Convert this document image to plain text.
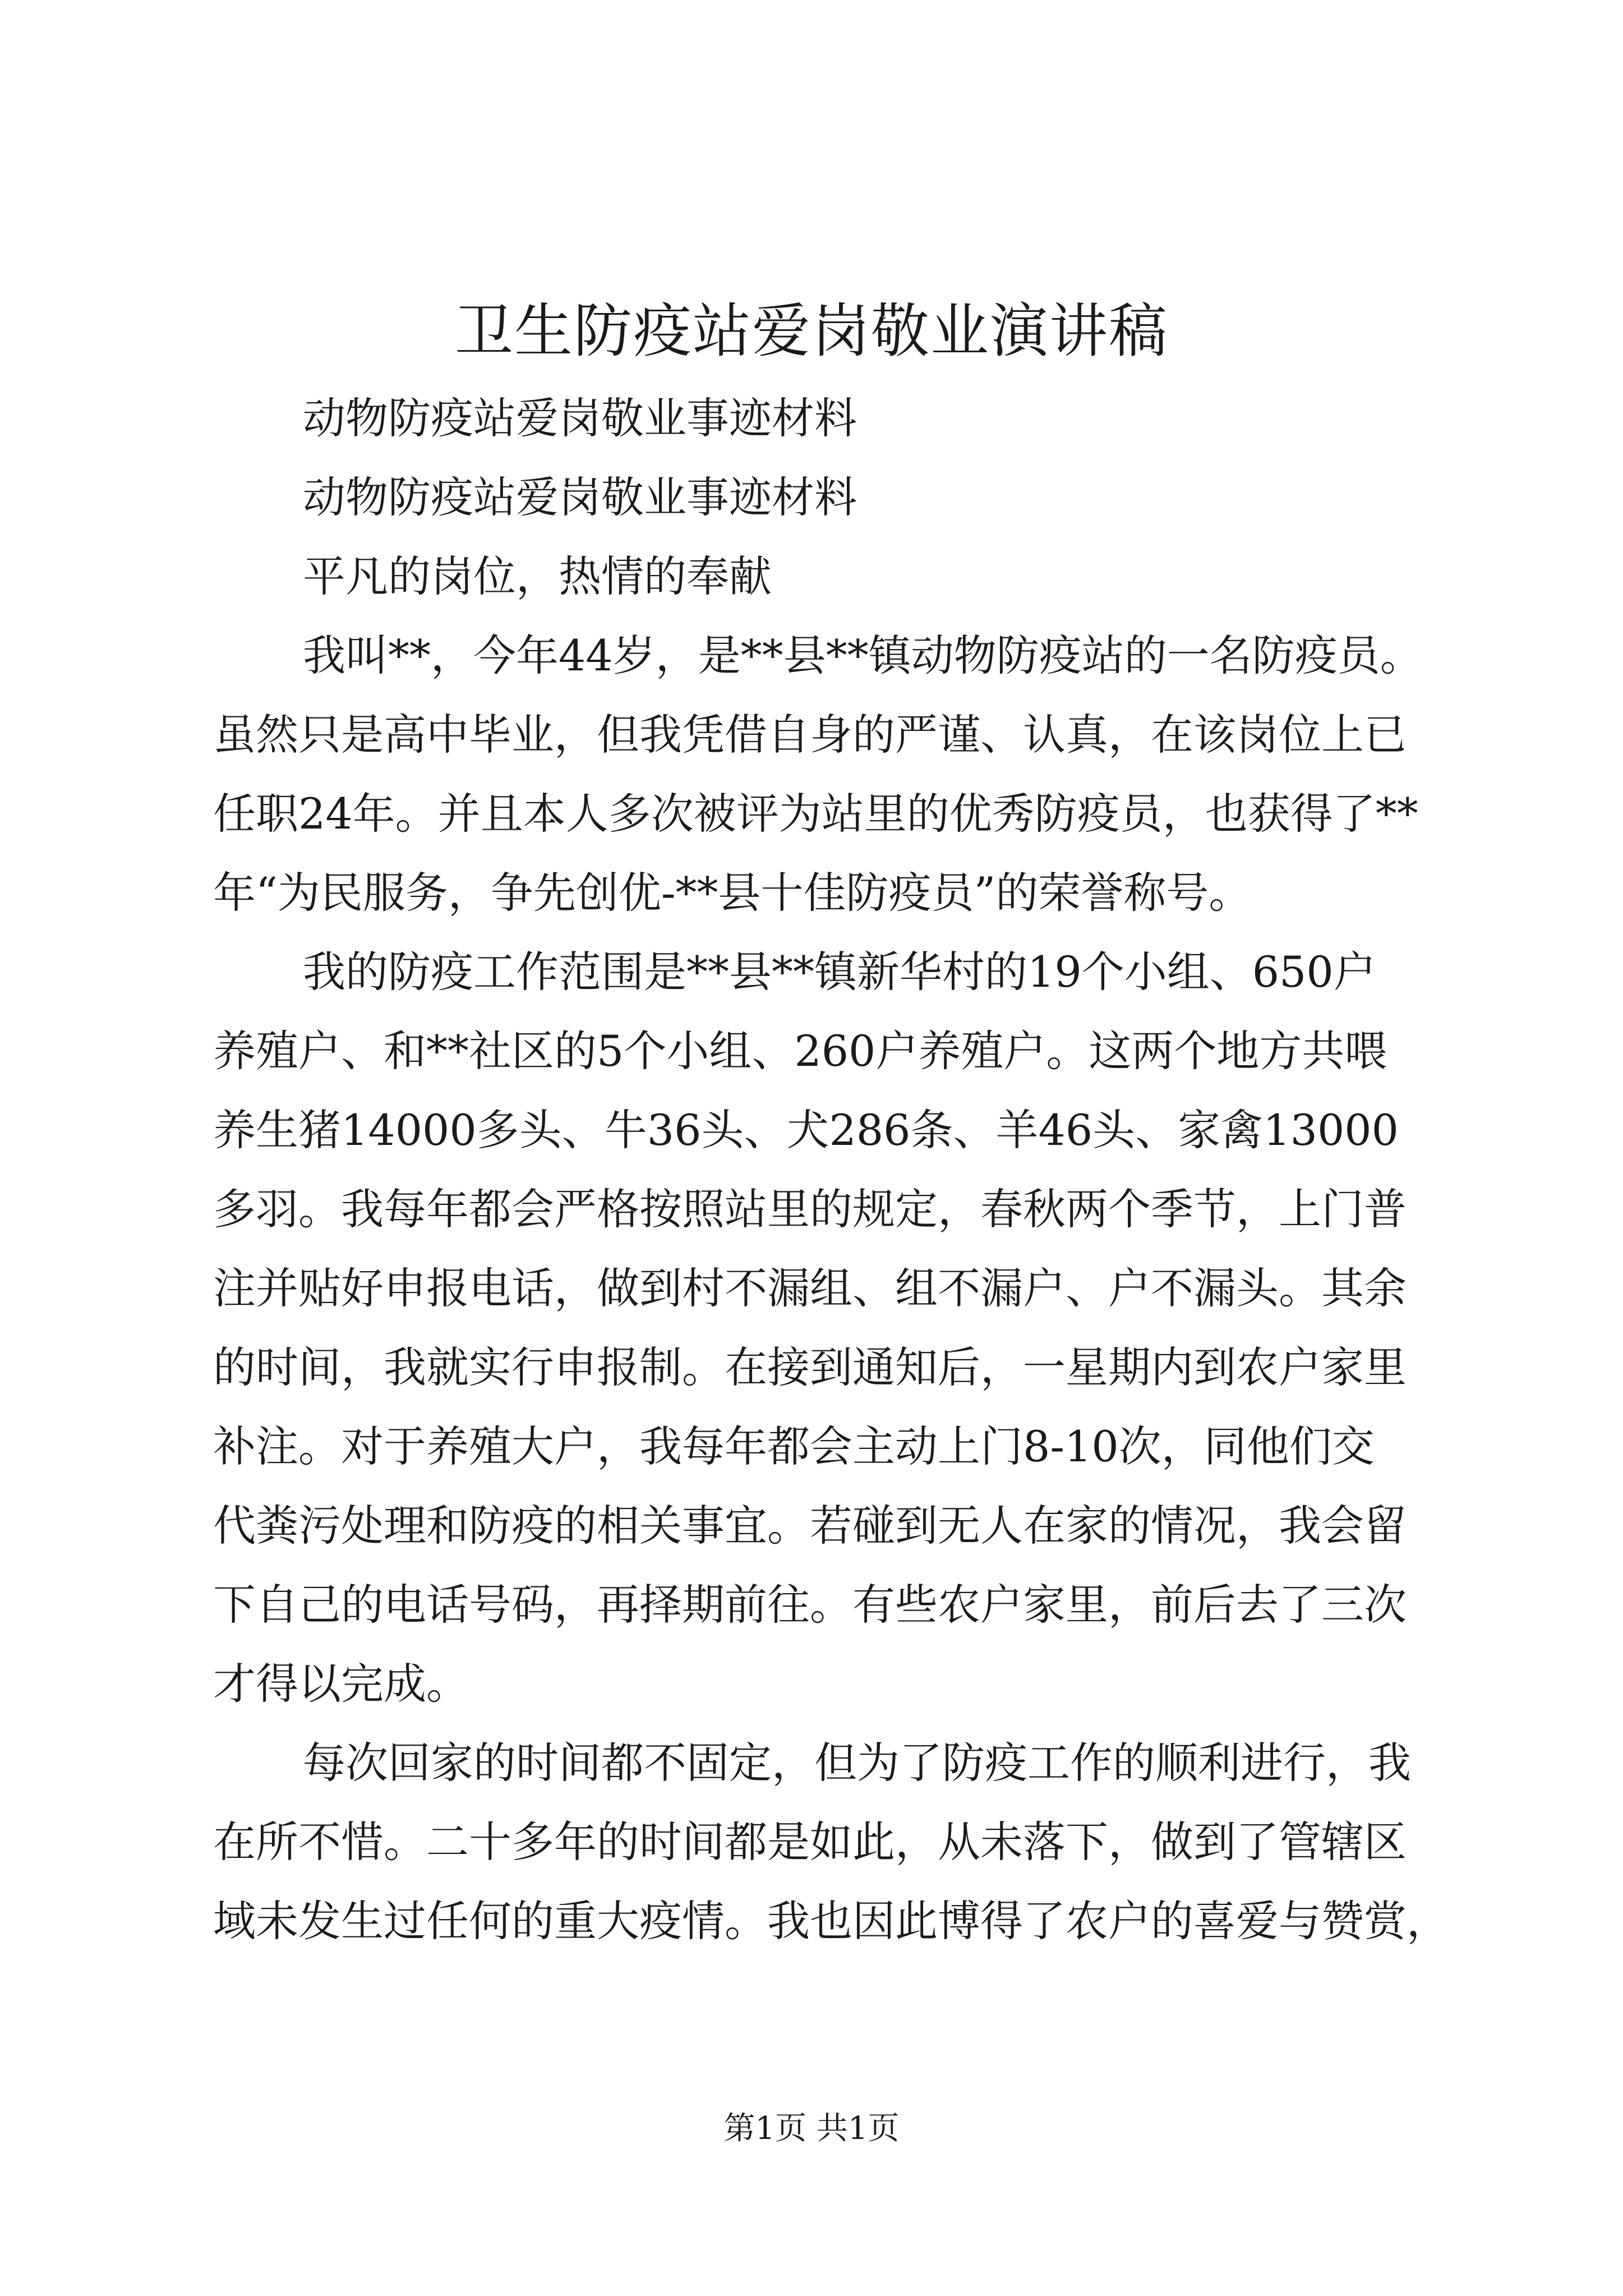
卫生防疫站爱岗敬业演讲稿
动物防疫站爱岗敬业事迹材料
动物防疫站爱岗敬业事迹材料
平凡的岗位，热情的奉献
我叫**，今年44岁，是**县**镇动物防疫站的一名防疫员。
虽然只是高中毕业，但我凭借自身的严谨、认真，在该岗位上已
任职24年。并且本人多次被评为站里的优秀防疫员，也获得了**
年“为民服务，争先创优-**县十佳防疫员”的荣誉称号。
我的防疫工作范围是**县**镇新华村的19个小组、650户
养殖户、和**社区的5个小组、260户养殖户。这两个地方共喂
养生猪14000多头、牛36头、犬286条、羊46头、家禽13000
多羽。我每年都会严格按照站里的规定，春秋两个季节，上门普
注并贴好申报电话，做到村不漏组、组不漏户、户不漏头。其余
的时间，我就实行申报制。在接到通知后，一星期内到农户家里
补注。对于养殖大户，我每年都会主动上门8-10次，同他们交
代粪污处理和防疫的相关事宜。若碰到无人在家的情况，我会留
下自己的电话号码，再择期前往。有些农户家里，前后去了三次
才得以完成。
每次回家的时间都不固定，但为了防疫工作的顺利进行，我
在所不惜。二十多年的时间都是如此，从未落下，做到了管辖区
域未发生过任何的重大疫情。我也因此博得了农户的喜爱与赞赏，
第1页 共1页
